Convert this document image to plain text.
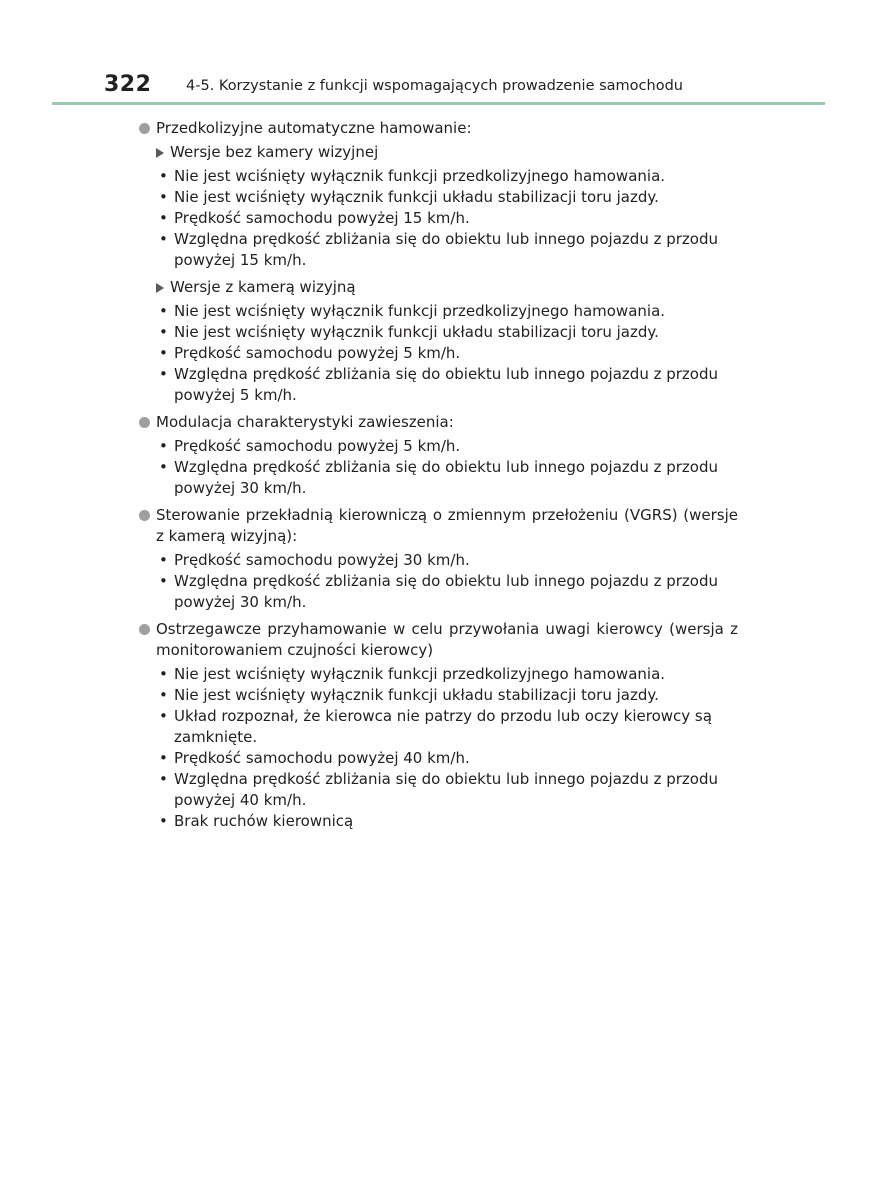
322 4-5. Korzystanie z funkcji wspomagających prowadzenie samochodu
Przedkolizyjne automatyczne hamowanie:
Wersje bez kamery wizyjnej
• Nie jest wciśnięty wyłącznik funkcji przedkolizyjnego hamowania.
• Nie jest wciśnięty wyłącznik funkcji układu stabilizacji toru jazdy.
• Prędkość samochodu powyżej 15 km/h.
• Względna prędkość zbliżania się do obiektu lub innego pojazdu z przodu powyżej 15 km/h.
Wersje z kamerą wizyjną
• Nie jest wciśnięty wyłącznik funkcji przedkolizyjnego hamowania.
• Nie jest wciśnięty wyłącznik funkcji układu stabilizacji toru jazdy.
• Prędkość samochodu powyżej 5 km/h.
• Względna prędkość zbliżania się do obiektu lub innego pojazdu z przodu powyżej 5 km/h.
Modulacja charakterystyki zawieszenia:
• Prędkość samochodu powyżej 5 km/h.
• Względna prędkość zbliżania się do obiektu lub innego pojazdu z przodu powyżej 30 km/h.
Sterowanie przekładnią kierowniczą o zmiennym przełożeniu (VGRS) (wersje z kamerą wizyjną):
• Prędkość samochodu powyżej 30 km/h.
• Względna prędkość zbliżania się do obiektu lub innego pojazdu z przodu powyżej 30 km/h.
Ostrzegawcze przyhamowanie w celu przywołania uwagi kierowcy (wersja z monitorowaniem czujności kierowcy)
• Nie jest wciśnięty wyłącznik funkcji przedkolizyjnego hamowania.
• Nie jest wciśnięty wyłącznik funkcji układu stabilizacji toru jazdy.
• Układ rozpoznał, że kierowca nie patrzy do przodu lub oczy kierowcy są zamknięte.
• Prędkość samochodu powyżej 40 km/h.
• Względna prędkość zbliżania się do obiektu lub innego pojazdu z przodu powyżej 40 km/h.
• Brak ruchów kierownicą
